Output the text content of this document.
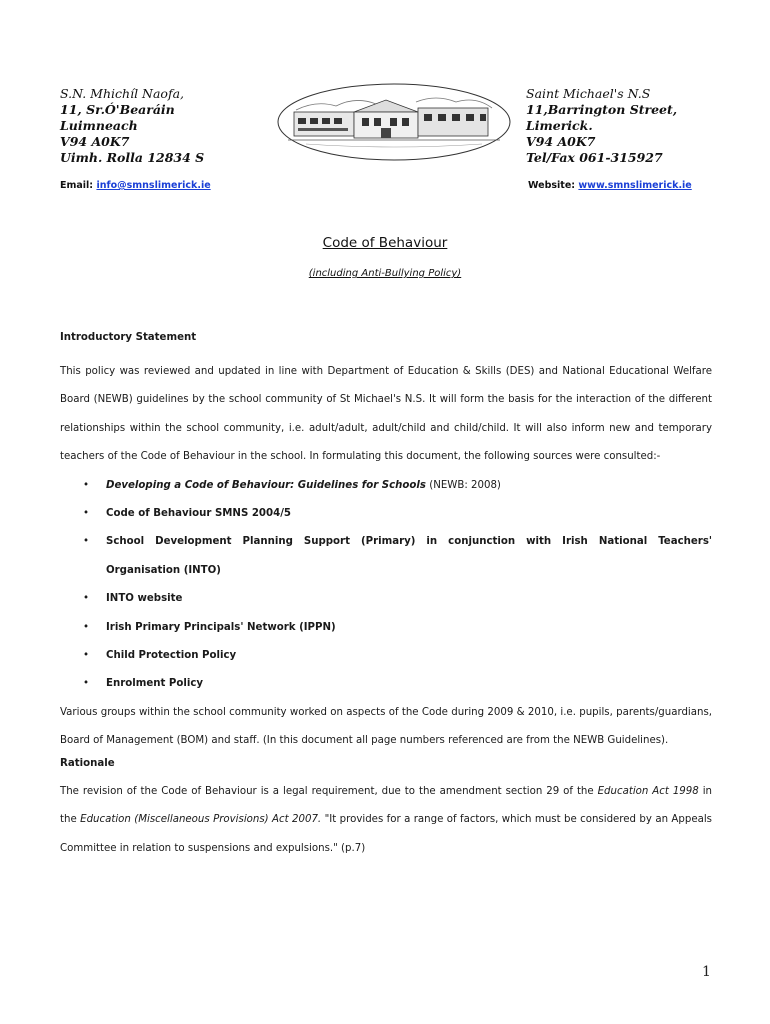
S.N. Mhichíl Naofa,
11, Sr.Ó'Bearáin
Luimneach
V94 A0K7
Uimh. Rolla 12834 S
Saint Michael's N.S
11,Barrington Street,
Limerick.
V94 A0K7
Tel/Fax 061-315927
Email: info@smnslimerick.ie	Website: www.smnslimerick.ie
Code of Behaviour
(including Anti-Bullying Policy)
Introductory Statement

This policy was reviewed and updated in line with Department of Education & Skills (DES) and National Educational Welfare Board (NEWB) guidelines by the school community of St Michael's N.S. It will form the basis for the interaction of the different relationships within the school community, i.e. adult/adult, adult/child and child/child. It will also inform new and temporary teachers of the Code of Behaviour in the school. In formulating this document, the following sources were consulted:-

• Developing a Code of Behaviour: Guidelines for Schools (NEWB: 2008)
• Code of Behaviour SMNS 2004/5
• School Development Planning Support (Primary) in conjunction with Irish National Teachers' Organisation (INTO)
• INTO website
• Irish Primary Principals' Network (IPPN)
• Child Protection Policy
• Enrolment Policy

Various groups within the school community worked on aspects of the Code during 2009 & 2010, i.e. pupils, parents/guardians, Board of Management (BOM) and staff. (In this document all page numbers referenced are from the NEWB Guidelines).

Rationale

The revision of the Code of Behaviour is a legal requirement, due to the amendment section 29 of the Education Act 1998 in the Education (Miscellaneous Provisions) Act 2007. "It provides for a range of factors, which must be considered by an Appeals Committee in relation to suspensions and expulsions." (p.7)

1
